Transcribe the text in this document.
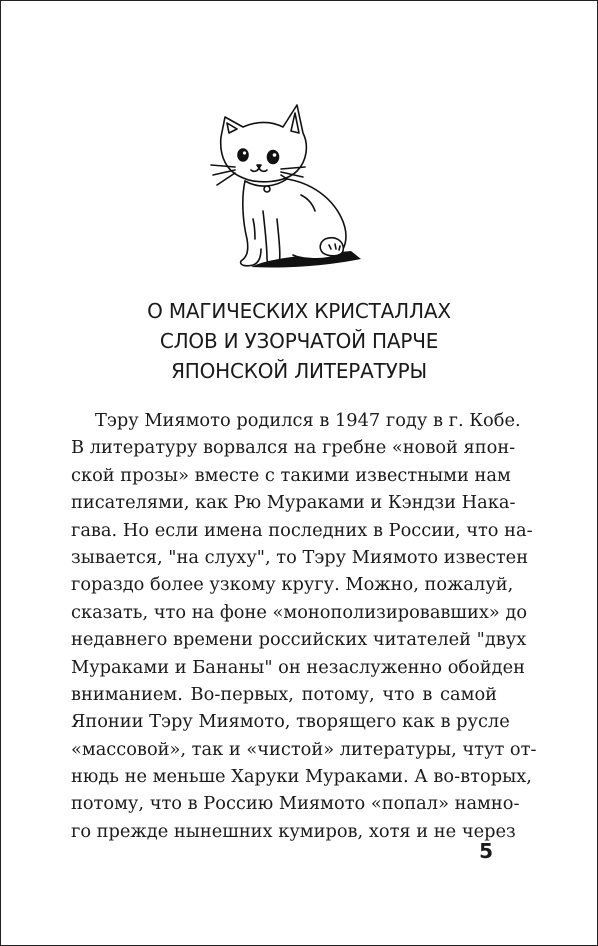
О МАГИЧЕСКИХ КРИСТАЛЛАХ
СЛОВ И УЗОРЧАТОЙ ПАРЧЕ
ЯПОНСКОЙ ЛИТЕРАТУРЫ
Тэру Миямото родился в 1947 году в г. Кобе.
В литературу ворвался на гребне «новой япон-
ской прозы» вместе с такими известными нам
писателями, как Рю Мураками и Кэндзи Нака-
гава. Но если имена последних в России, что на-
зывается, "на слуху", то Тэру Миямото известен
гораздо более узкому кругу. Можно, пожалуй,
сказать, что на фоне «монополизировавших» до
недавнего времени российских читателей "двух
Мураками и Бананы" он незаслуженно обойден
вниманием. Во-первых, потому, что в самой
Японии Тэру Миямото, творящего как в русле
«массовой», так и «чистой» литературы, чтут от-
нюдь не меньше Харуки Мураками. А во-вторых,
потому, что в Россию Миямото «попал» намно-
го прежде нынешних кумиров, хотя и не через
5
